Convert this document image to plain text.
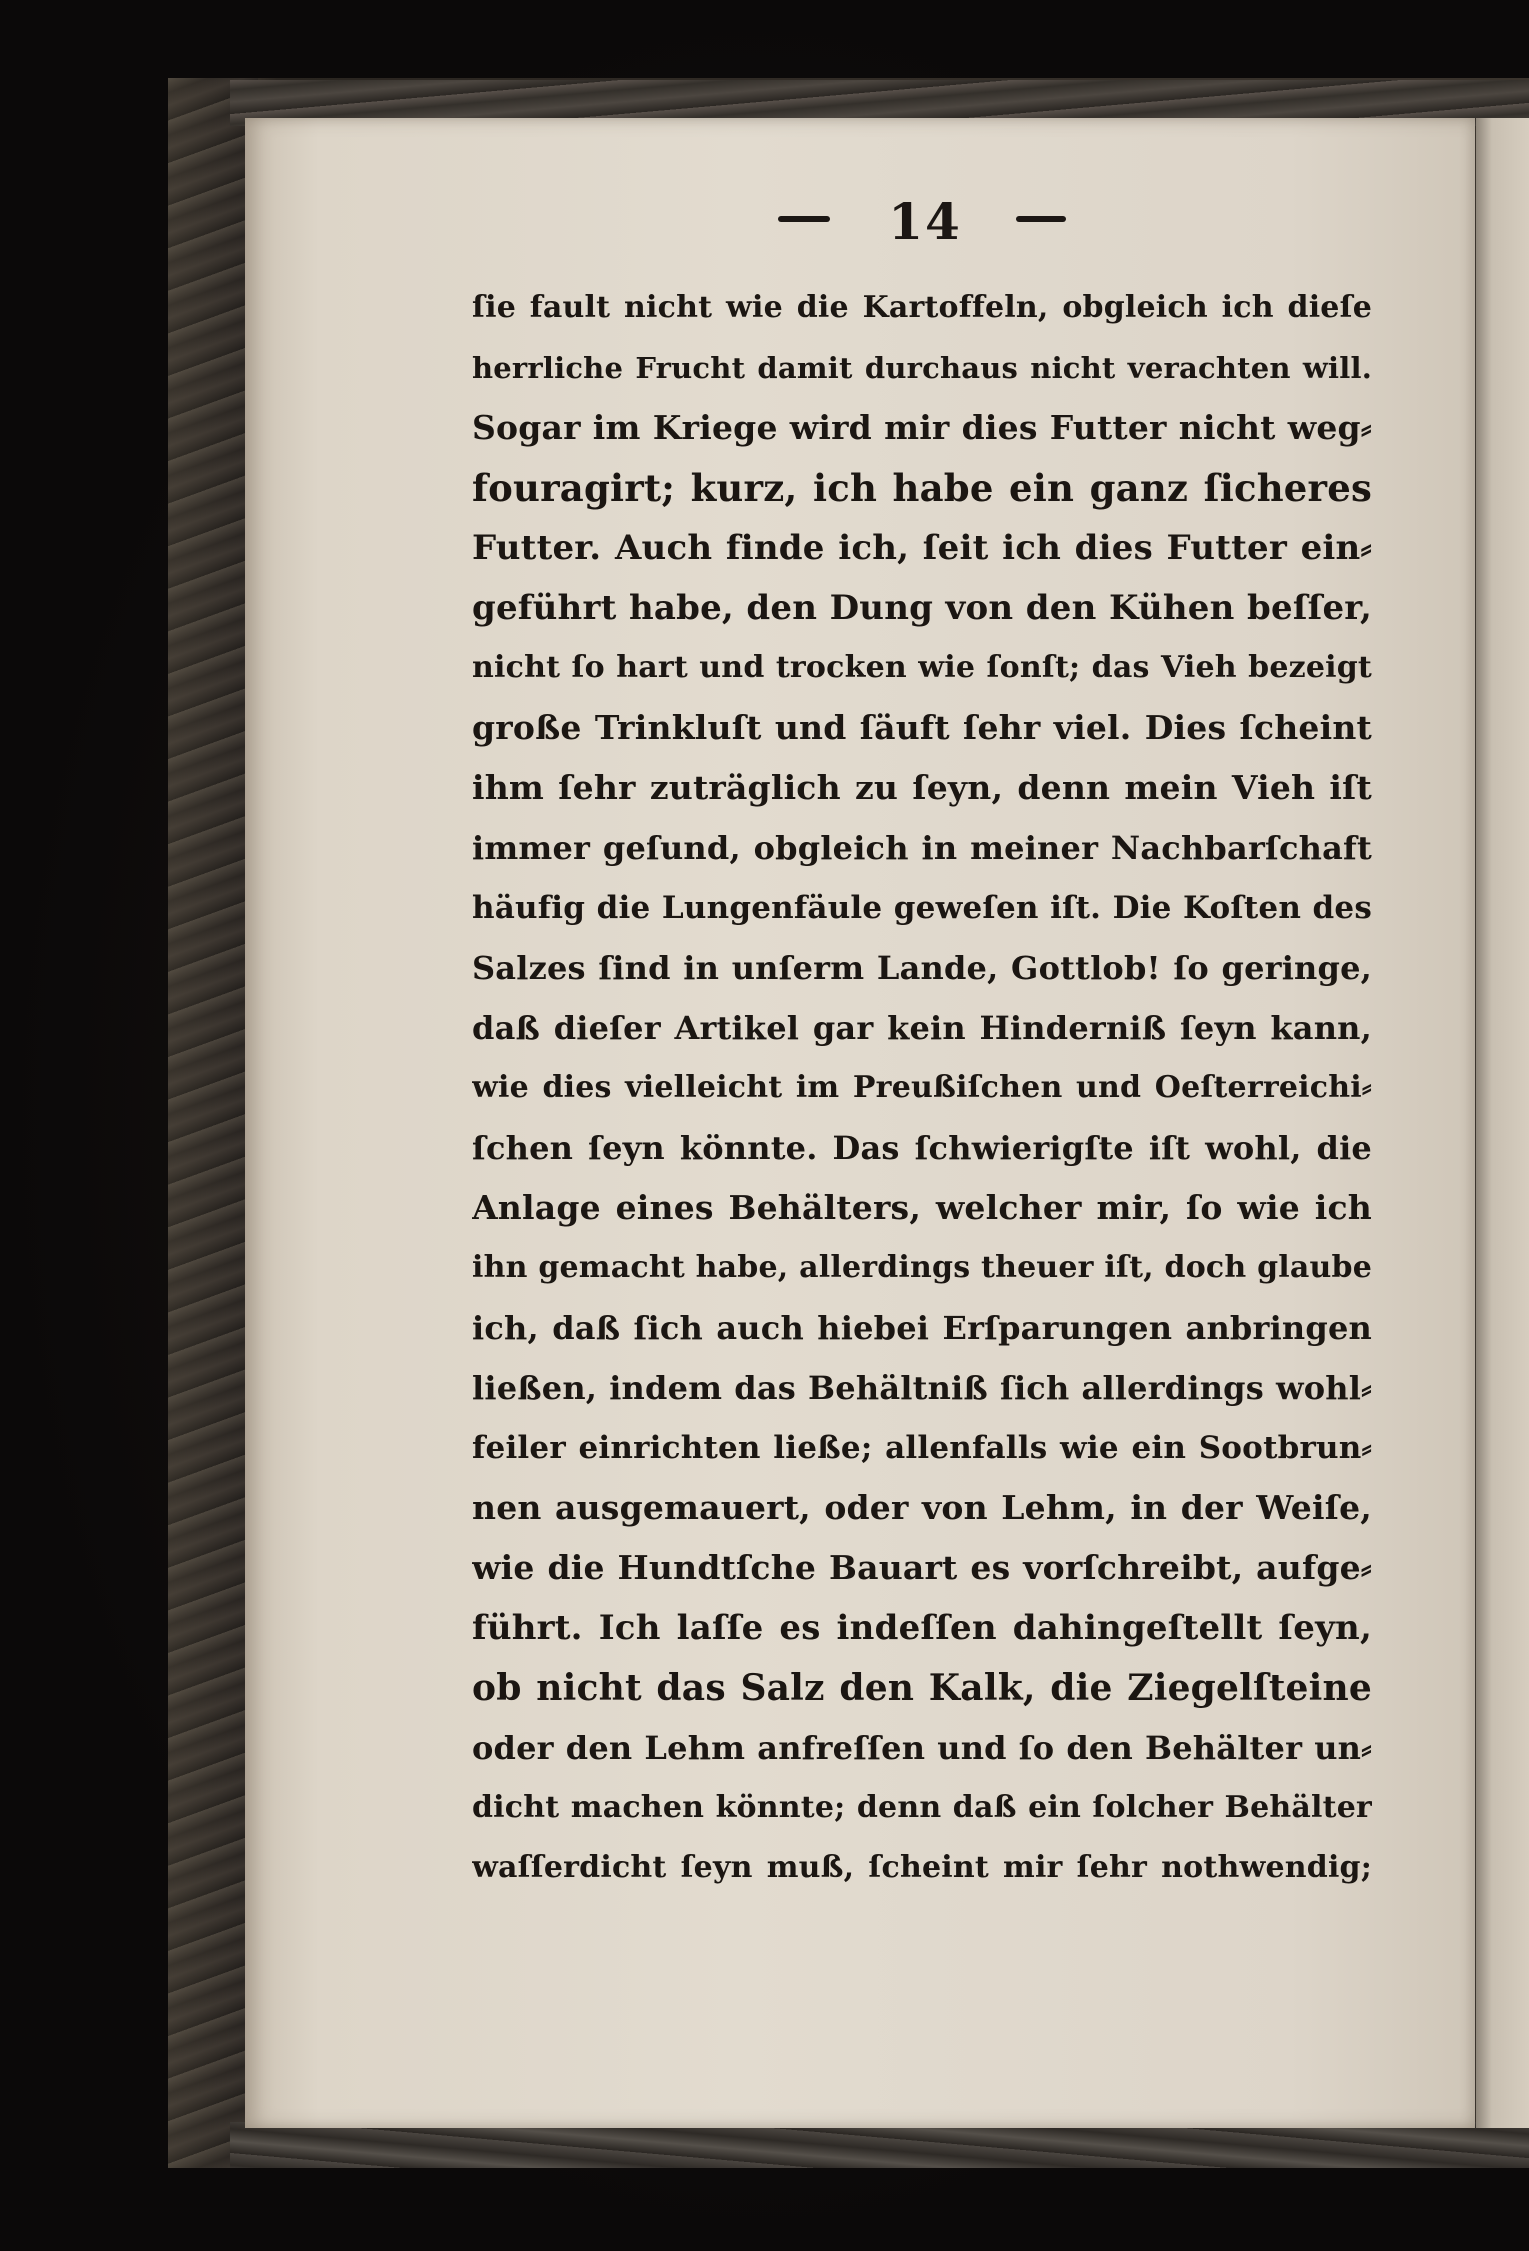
14
ſie fault nicht wie die Kartoffeln, obgleich ich dieſe
herrliche Frucht damit durchaus nicht verachten will.
Sogar im Kriege wird mir dies Futter nicht weg⸗
fouragirt; kurz, ich habe ein ganz ſicheres
Futter. Auch finde ich, ſeit ich dies Futter ein⸗
geführt habe, den Dung von den Kühen beſſer,
nicht ſo hart und trocken wie ſonſt; das Vieh bezeigt
große Trinkluſt und ſäuft ſehr viel. Dies ſcheint
ihm ſehr zuträglich zu ſeyn, denn mein Vieh iſt
immer geſund, obgleich in meiner Nachbarſchaft
häufig die Lungenfäule geweſen iſt. Die Koſten des
Salzes ſind in unſerm Lande, Gottlob! ſo geringe,
daß dieſer Artikel gar kein Hinderniß ſeyn kann,
wie dies vielleicht im Preußiſchen und Oeſterreichi⸗
ſchen ſeyn könnte. Das ſchwierigſte iſt wohl, die
Anlage eines Behälters, welcher mir, ſo wie ich
ihn gemacht habe, allerdings theuer iſt, doch glaube
ich, daß ſich auch hiebei Erſparungen anbringen
ließen, indem das Behältniß ſich allerdings wohl⸗
feiler einrichten ließe; allenfalls wie ein Sootbrun⸗
nen ausgemauert, oder von Lehm, in der Weiſe,
wie die Hundtſche Bauart es vorſchreibt, aufge⸗
führt. Ich laſſe es indeſſen dahingeſtellt ſeyn,
ob nicht das Salz den Kalk, die Ziegelſteine
oder den Lehm anfreſſen und ſo den Behälter un⸗
dicht machen könnte; denn daß ein ſolcher Behälter
waſſerdicht ſeyn muß, ſcheint mir ſehr nothwendig;
